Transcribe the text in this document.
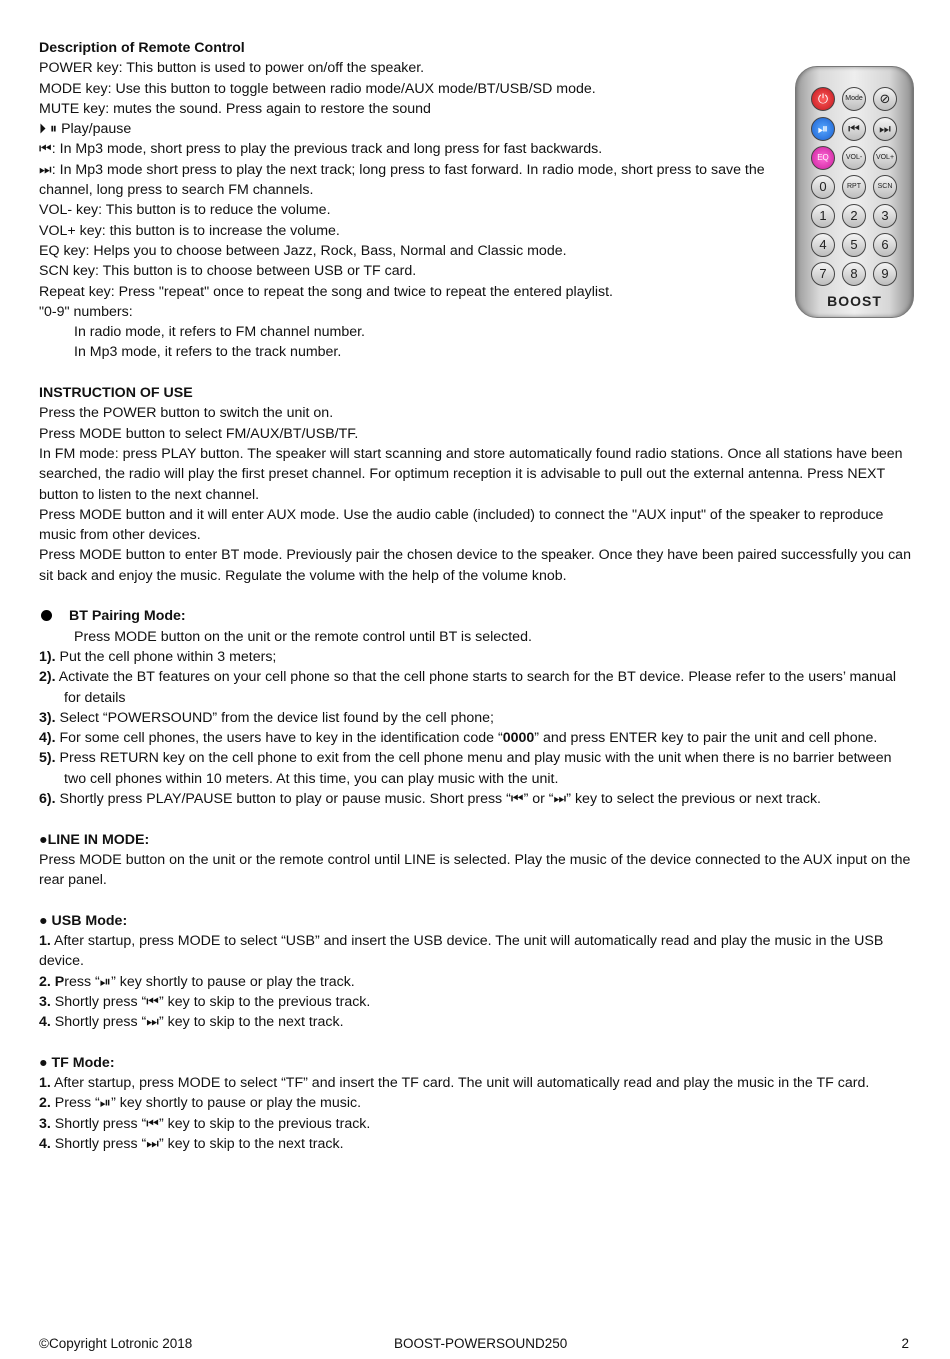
Description of Remote Control
POWER key: This button is used to power on/off the speaker.
MODE key: Use this button to toggle between radio mode/AUX mode/BT/USB/SD mode.
MUTE key: mutes the sound. Press again to restore the sound
⏵ ⏸ Play/pause
⏮: In Mp3 mode, short press to play the previous track and long press for fast backwards.
⏭: In Mp3 mode short press to play the next track; long press to fast forward. In radio mode, short press to save the channel, long press to search FM channels.
VOL- key: This button is to reduce the volume.
VOL+ key: this button is to increase the volume.
EQ key: Helps you to choose between Jazz, Rock, Bass, Normal and Classic mode.
SCN key: This button is to choose between USB or TF card.
Repeat key: Press "repeat" once to repeat the song and twice to repeat the entered playlist.
"0-9" numbers:
In radio mode, it refers to FM channel number.
In Mp3 mode, it refers to the track number.
INSTRUCTION OF USE
Press the POWER button to switch the unit on.
Press MODE button to select FM/AUX/BT/USB/TF.
In FM mode: press PLAY button. The speaker will start scanning and store automatically found radio stations. Once all stations have been searched, the radio will play the first preset channel. For optimum reception it is advisable to pull out the external antenna. Press NEXT button to listen to the next channel.
Press MODE button and it will enter AUX mode. Use the audio cable (included) to connect the "AUX input" of the speaker to reproduce music from other devices.
Press MODE button to enter BT mode. Previously pair the chosen device to the speaker. Once they have been paired successfully you can sit back and enjoy the music. Regulate the volume with the help of the volume knob.
BT Pairing Mode:
Press MODE button on the unit or the remote control until BT is selected.
1). Put the cell phone within 3 meters;
2). Activate the BT features on your cell phone so that the cell phone starts to search for the BT device. Please refer to the users’ manual for details
3). Select “POWERSOUND” from the device list found by the cell phone;
4). For some cell phones, the users have to key in the identification code “0000” and press ENTER key to pair the unit and cell phone.
5). Press RETURN key on the cell phone to exit from the cell phone menu and play music with the unit when there is no barrier between two cell phones within 10 meters. At this time, you can play music with the unit.
6). Shortly press PLAY/PAUSE button to play or pause music. Short press “⏮” or “⏭” key to select the previous or next track.
●LINE IN MODE:
Press MODE button on the unit or the remote control until LINE is selected. Play the music of the device connected to the AUX input on the rear panel.
● USB Mode:
1. After startup, press MODE to select “USB” and insert the USB device. The unit will automatically read and play the music in the USB device.
2. Press “⏯” key shortly to pause or play the track.
3. Shortly press “⏮” key to skip to the previous track.
4. Shortly press “⏭” key to skip to the next track.
● TF Mode:
1. After startup, press MODE to select “TF” and insert the TF card. The unit will automatically read and play the music in the TF card.
2. Press “⏯” key shortly to pause or play the music.
3. Shortly press “⏮” key to skip to the previous track.
4. Shortly press “⏭” key to skip to the next track.
⏻	Mode	⊘
⏯	⏮	⏭
EQ	VOL-	VOL+
0	RPT	SCN
1	2	3
4	5	6
7	8	9
BOOST
©Copyright Lotronic 2018	BOOST-POWERSOUND250	2
